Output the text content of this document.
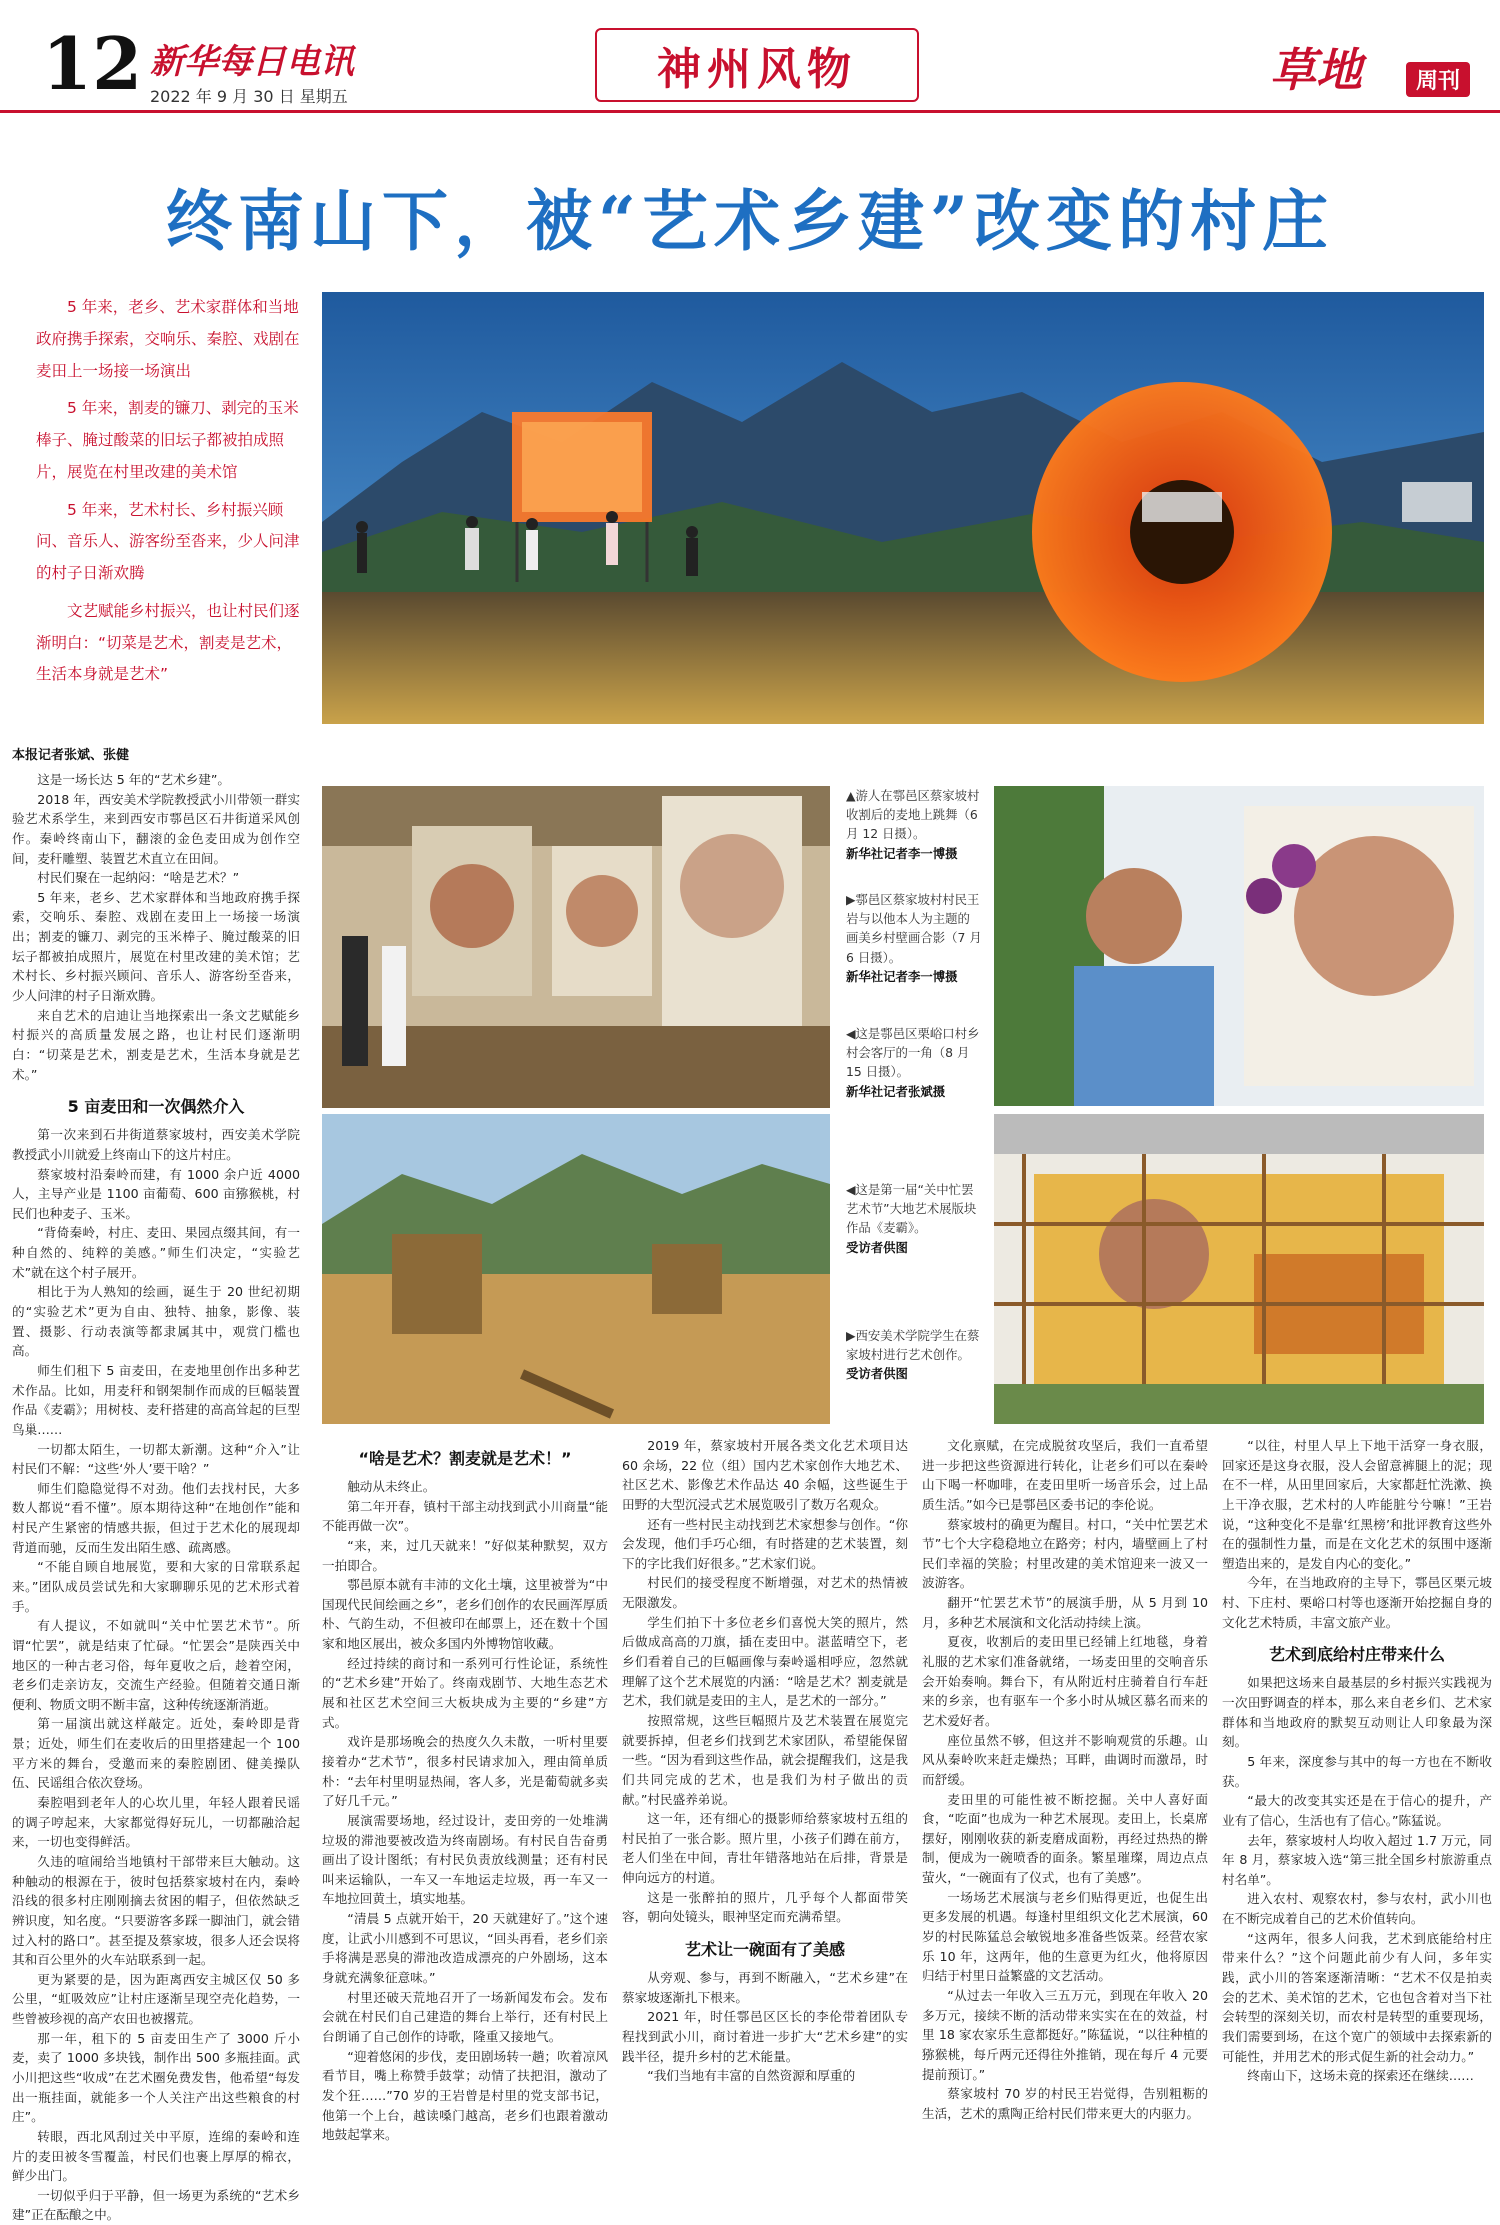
12 新华每日电讯
2022 年 9 月 30 日 星期五
神州风物	草地	周刊
终南山下，被“艺术乡建”改变的村庄

5 年来，老乡、艺术家群体和当地政府携手探索，交响乐、秦腔、戏剧在麦田上一场接一场演出

5 年来，割麦的镰刀、剥完的玉米棒子、腌过酸菜的旧坛子都被拍成照片，展览在村里改建的美术馆

5 年来，艺术村长、乡村振兴顾问、音乐人、游客纷至沓来，少人问津的村子日渐欢腾

文艺赋能乡村振兴，也让村民们逐渐明白：“切菜是艺术，割麦是艺术，生活本身就是艺术”

本报记者张斌、张健
▲游人在鄠邑区蔡家坡村收割后的麦地上跳舞（6 月 12 日摄）。
新华社记者李一博摄
▶鄠邑区蔡家坡村村民王岩与以他本人为主题的画美乡村壁画合影（7 月 6 日摄）。
新华社记者李一博摄
◀这是鄠邑区栗峪口村乡村会客厅的一角（8 月 15 日摄）。
新华社记者张斌摄
◀这是第一届“关中忙罢艺术节”大地艺术展版块作品《麦霸》。
受访者供图
▶西安美术学院学生在蔡家坡村进行艺术创作。
受访者供图

这是一场长达 5 年的“艺术乡建”。

2018 年，西安美术学院教授武小川带领一群实验艺术系学生，来到西安市鄠邑区石井街道采风创作。秦岭终南山下，翻滚的金色麦田成为创作空间，麦秆雕塑、装置艺术直立在田间。

村民们聚在一起纳闷：“啥是艺术？”

5 年来，老乡、艺术家群体和当地政府携手探索，交响乐、秦腔、戏剧在麦田上一场接一场演出；割麦的镰刀、剥完的玉米棒子、腌过酸菜的旧坛子都被拍成照片，展览在村里改建的美术馆；艺术村长、乡村振兴顾问、音乐人、游客纷至沓来，少人问津的村子日渐欢腾。

来自艺术的启迪让当地探索出一条文艺赋能乡村振兴的高质量发展之路，也让村民们逐渐明白：“切菜是艺术，割麦是艺术，生活本身就是艺术。”

5 亩麦田和一次偶然介入

第一次来到石井街道蔡家坡村，西安美术学院教授武小川就爱上终南山下的这片村庄。

蔡家坡村沿秦岭而建，有 1000 余户近 4000 人，主导产业是 1100 亩葡萄、600 亩猕猴桃，村民们也种麦子、玉米。

“背倚秦岭，村庄、麦田、果园点缀其间，有一种自然的、纯粹的美感。”师生们决定，“实验艺术”就在这个村子展开。

相比于为人熟知的绘画，诞生于 20 世纪初期的“实验艺术”更为自由、独特、抽象，影像、装置、摄影、行动表演等都隶属其中，观赏门槛也高。

师生们租下 5 亩麦田，在麦地里创作出多种艺术作品。比如，用麦秆和钢架制作而成的巨幅装置作品《麦霸》；用树枝、麦秆搭建的高高耸起的巨型鸟巢……

一切都太陌生，一切都太新潮。这种“介入”让村民们不解：“这些‘外人’要干啥？”

师生们隐隐觉得不对劲。他们去找村民，大多数人都说“看不懂”。原本期待这种“在地创作”能和村民产生紧密的情感共振，但过于艺术化的展现却背道而驰，反而生发出陌生感、疏离感。

“不能自顾自地展览，要和大家的日常联系起来。”团队成员尝试先和大家聊聊乐见的艺术形式着手。

有人提议，不如就叫“关中忙罢艺术节”。所谓“忙罢”，就是结束了忙碌。“忙罢会”是陕西关中地区的一种古老习俗，每年夏收之后，趁着空闲，老乡们走亲访友，交流生产经验。但随着交通日渐便利、物质文明不断丰富，这种传统逐渐消逝。

第一届演出就这样敲定。近处，秦岭即是背景；近处，师生们在麦收后的田里搭建起一个 100 平方米的舞台，受邀而来的秦腔剧团、健美操队伍、民谣组合依次登场。

秦腔唱到老年人的心坎儿里，年轻人跟着民谣的调子哼起来，大家都觉得好玩儿，一切都融洽起来，一切也变得鲜活。

久违的喧闹给当地镇村干部带来巨大触动。这种触动的根源在于，彼时包括蔡家坡村在内，秦岭沿线的很多村庄刚刚摘去贫困的帽子，但依然缺乏辨识度，知名度。“只要游客多踩一脚油门，就会错过入村的路口”。甚至提及蔡家坡，很多人还会误将其和百公里外的火车站联系到一起。

更为紧要的是，因为距离西安主城区仅 50 多公里，“虹吸效应”让村庄逐渐呈现空壳化趋势，一些曾被珍视的高产农田也被撂荒。

那一年，租下的 5 亩麦田生产了 3000 斤小麦，卖了 1000 多块钱，制作出 500 多瓶挂面。武小川把这些“收成”在艺术圈免费发售，他希望“每发出一瓶挂面，就能多一个人关注产出这些粮食的村庄”。

转眼，西北风刮过关中平原，连绵的秦岭和连片的麦田被冬雪覆盖，村民们也裹上厚厚的棉衣，鲜少出门。

一切似乎归于平静，但一场更为系统的“艺术乡建”正在酝酿之中。

“啥是艺术？割麦就是艺术！”

触动从未终止。

第二年开春，镇村干部主动找到武小川商量“能不能再做一次”。

“来，来，过几天就来！”好似某种默契，双方一拍即合。

鄠邑原本就有丰沛的文化土壤，这里被誉为“中国现代民间绘画之乡”，老乡们创作的农民画浑厚质朴、气韵生动，不但被印在邮票上，还在数十个国家和地区展出，被众多国内外博物馆收藏。

经过持续的商讨和一系列可行性论证，系统性的“艺术乡建”开始了。终南戏剧节、大地生态艺术展和社区艺术空间三大板块成为主要的“乡建”方式。

戏许是那场晚会的热度久久未散，一听村里要接着办“艺术节”，很多村民请求加入，理由简单质朴：“去年村里明显热闹，客人多，光是葡萄就多卖了好几千元。”

展演需要场地，经过设计，麦田旁的一处堆满垃圾的滞池要被改造为终南剧场。有村民自告奋勇画出了设计图纸；有村民负责放线测量；还有村民叫来运输队，一车又一车地运走垃圾，再一车又一车地拉回黄土，填实地基。

“清晨 5 点就开始干，20 天就建好了。”这个速度，让武小川感到不可思议，“回头再看，老乡们亲手将满是恶臭的滞池改造成漂亮的户外剧场，这本身就充满象征意味。”

村里还破天荒地召开了一场新闻发布会。发布会就在村民们自己建造的舞台上举行，还有村民上台朗诵了自己创作的诗歌，隆重又接地气。

“迎着悠闲的步伐，麦田剧场转一趟；吹着凉风看节目，嘴上称赞手鼓掌；动情了扶把泪，激动了发个狂……”70 岁的王岩曾是村里的党支部书记，他第一个上台，越读嗓门越高，老乡们也跟着激动地鼓起掌来。

2019 年，蔡家坡村开展各类文化艺术项目达 60 余场，22 位（组）国内艺术家创作大地艺术、社区艺术、影像艺术作品达 40 余幅，这些诞生于田野的大型沉浸式艺术展览吸引了数万名观众。

还有一些村民主动找到艺术家想参与创作。“你会发现，他们手巧心细，有时搭建的艺术装置，刻下的字比我们好很多。”艺术家们说。

村民们的接受程度不断增强，对艺术的热情被无限激发。

学生们拍下十多位老乡们喜悦大笑的照片，然后做成高高的刀旗，插在麦田中。湛蓝晴空下，老乡们看着自己的巨幅画像与秦岭遥相呼应，忽然就理解了这个艺术展览的内涵：“啥是艺术？割麦就是艺术，我们就是麦田的主人，是艺术的一部分。”

按照常规，这些巨幅照片及艺术装置在展览完就要拆掉，但老乡们找到艺术家团队，希望能保留一些。“因为看到这些作品，就会提醒我们，这是我们共同完成的艺术，也是我们为村子做出的贡献。”村民盛养弟说。

这一年，还有细心的摄影师给蔡家坡村五组的村民拍了一张合影。照片里，小孩子们蹲在前方，老人们坐在中间，青壮年错落地站在后排，背景是伸向远方的村道。

这是一张醉拍的照片，几乎每个人都面带笑容，朝向处镜头，眼神坚定而充满希望。

艺术让一碗面有了美感

从旁观、参与，再到不断融入，“艺术乡建”在蔡家坡逐渐扎下根来。

2021 年，时任鄠邑区区长的李伦带着团队专程找到武小川，商讨着进一步扩大“艺术乡建”的实践半径，提升乡村的艺术能量。

“我们当地有丰富的自然资源和厚重的

文化禀赋，在完成脱贫攻坚后，我们一直希望进一步把这些资源进行转化，让老乡们可以在秦岭山下喝一杯咖啡，在麦田里听一场音乐会，过上品质生活。”如今已是鄠邑区委书记的李伦说。

蔡家坡村的确更为醒目。村口，“关中忙罢艺术节”七个大字稳稳地立在路旁；村内，墙壁画上了村民们幸福的笑脸；村里改建的美术馆迎来一波又一波游客。

翻开“忙罢艺术节”的展演手册，从 5 月到 10 月，多种艺术展演和文化活动持续上演。

夏夜，收割后的麦田里已经铺上红地毯，身着礼服的艺术家们准备就绪，一场麦田里的交响音乐会开始奏响。舞台下，有从附近村庄骑着自行车赶来的乡亲，也有驱车一个多小时从城区慕名而来的艺术爱好者。

座位虽然不够，但这并不影响观赏的乐趣。山风从秦岭吹来赶走燥热；耳畔，曲调时而激昂，时而舒缓。

麦田里的可能性被不断挖掘。关中人喜好面食，“吃面”也成为一种艺术展现。麦田上，长桌席摆好，刚刚收获的新麦磨成面粉，再经过热热的擀制，便成为一碗喷香的面条。繁星璀璨，周边点点萤火，“一碗面有了仪式，也有了美感”。

一场场艺术展演与老乡们贴得更近，也促生出更多发展的机遇。每逢村里组织文化艺术展演，60 岁的村民陈猛总会敏锐地多准备些饭菜。经营农家乐 10 年，这两年，他的生意更为红火，他将原因归结于村里日益繁盛的文艺活动。

“从过去一年收入三五万元，到现在年收入 20 多万元，接续不断的活动带来实实在在的效益，村里 18 家农家乐生意都挺好。”陈猛说，“以往种植的猕猴桃，每斤两元还得往外推销，现在每斤 4 元要提前预订。”

蔡家坡村 70 岁的村民王岩觉得，告别粗粝的生活，艺术的熏陶正给村民们带来更大的内驱力。

“以往，村里人早上下地干活穿一身衣服，回家还是这身衣服，没人会留意裤腿上的泥；现在不一样，从田里回家后，大家都赶忙洗漱、换上干净衣服，艺术村的人咋能脏兮兮嘛！”王岩说，“这种变化不是靠‘红黑榜’和批评教育这些外在的强制性力量，而是在文化艺术的氛围中逐渐塑造出来的，是发自内心的变化。”

今年，在当地政府的主导下，鄠邑区栗元坡村、下庄村、栗峪口村等也逐渐开始挖掘自身的文化艺术特质，丰富文旅产业。

艺术到底给村庄带来什么

如果把这场来自最基层的乡村振兴实践视为一次田野调查的样本，那么来自老乡们、艺术家群体和当地政府的默契互动则让人印象最为深刻。

5 年来，深度参与其中的每一方也在不断收获。

“最大的改变其实还是在于信心的提升，产业有了信心，生活也有了信心。”陈猛说。

去年，蔡家坡村人均收入超过 1.7 万元，同年 8 月，蔡家坡入选“第三批全国乡村旅游重点村名单”。

进入农村、观察农村，参与农村，武小川也在不断完成着自己的艺术价值转向。

“这两年，很多人问我，艺术到底能给村庄带来什么？”这个问题此前少有人问，多年实践，武小川的答案逐渐清晰：“艺术不仅是拍卖会的艺术、美术馆的艺术，它也包含着对当下社会转型的深刻关切，而农村是转型的重要现场，我们需要到场，在这个宽广的领域中去探索新的可能性，并用艺术的形式促生新的社会动力。”

终南山下，这场未竟的探索还在继续……
